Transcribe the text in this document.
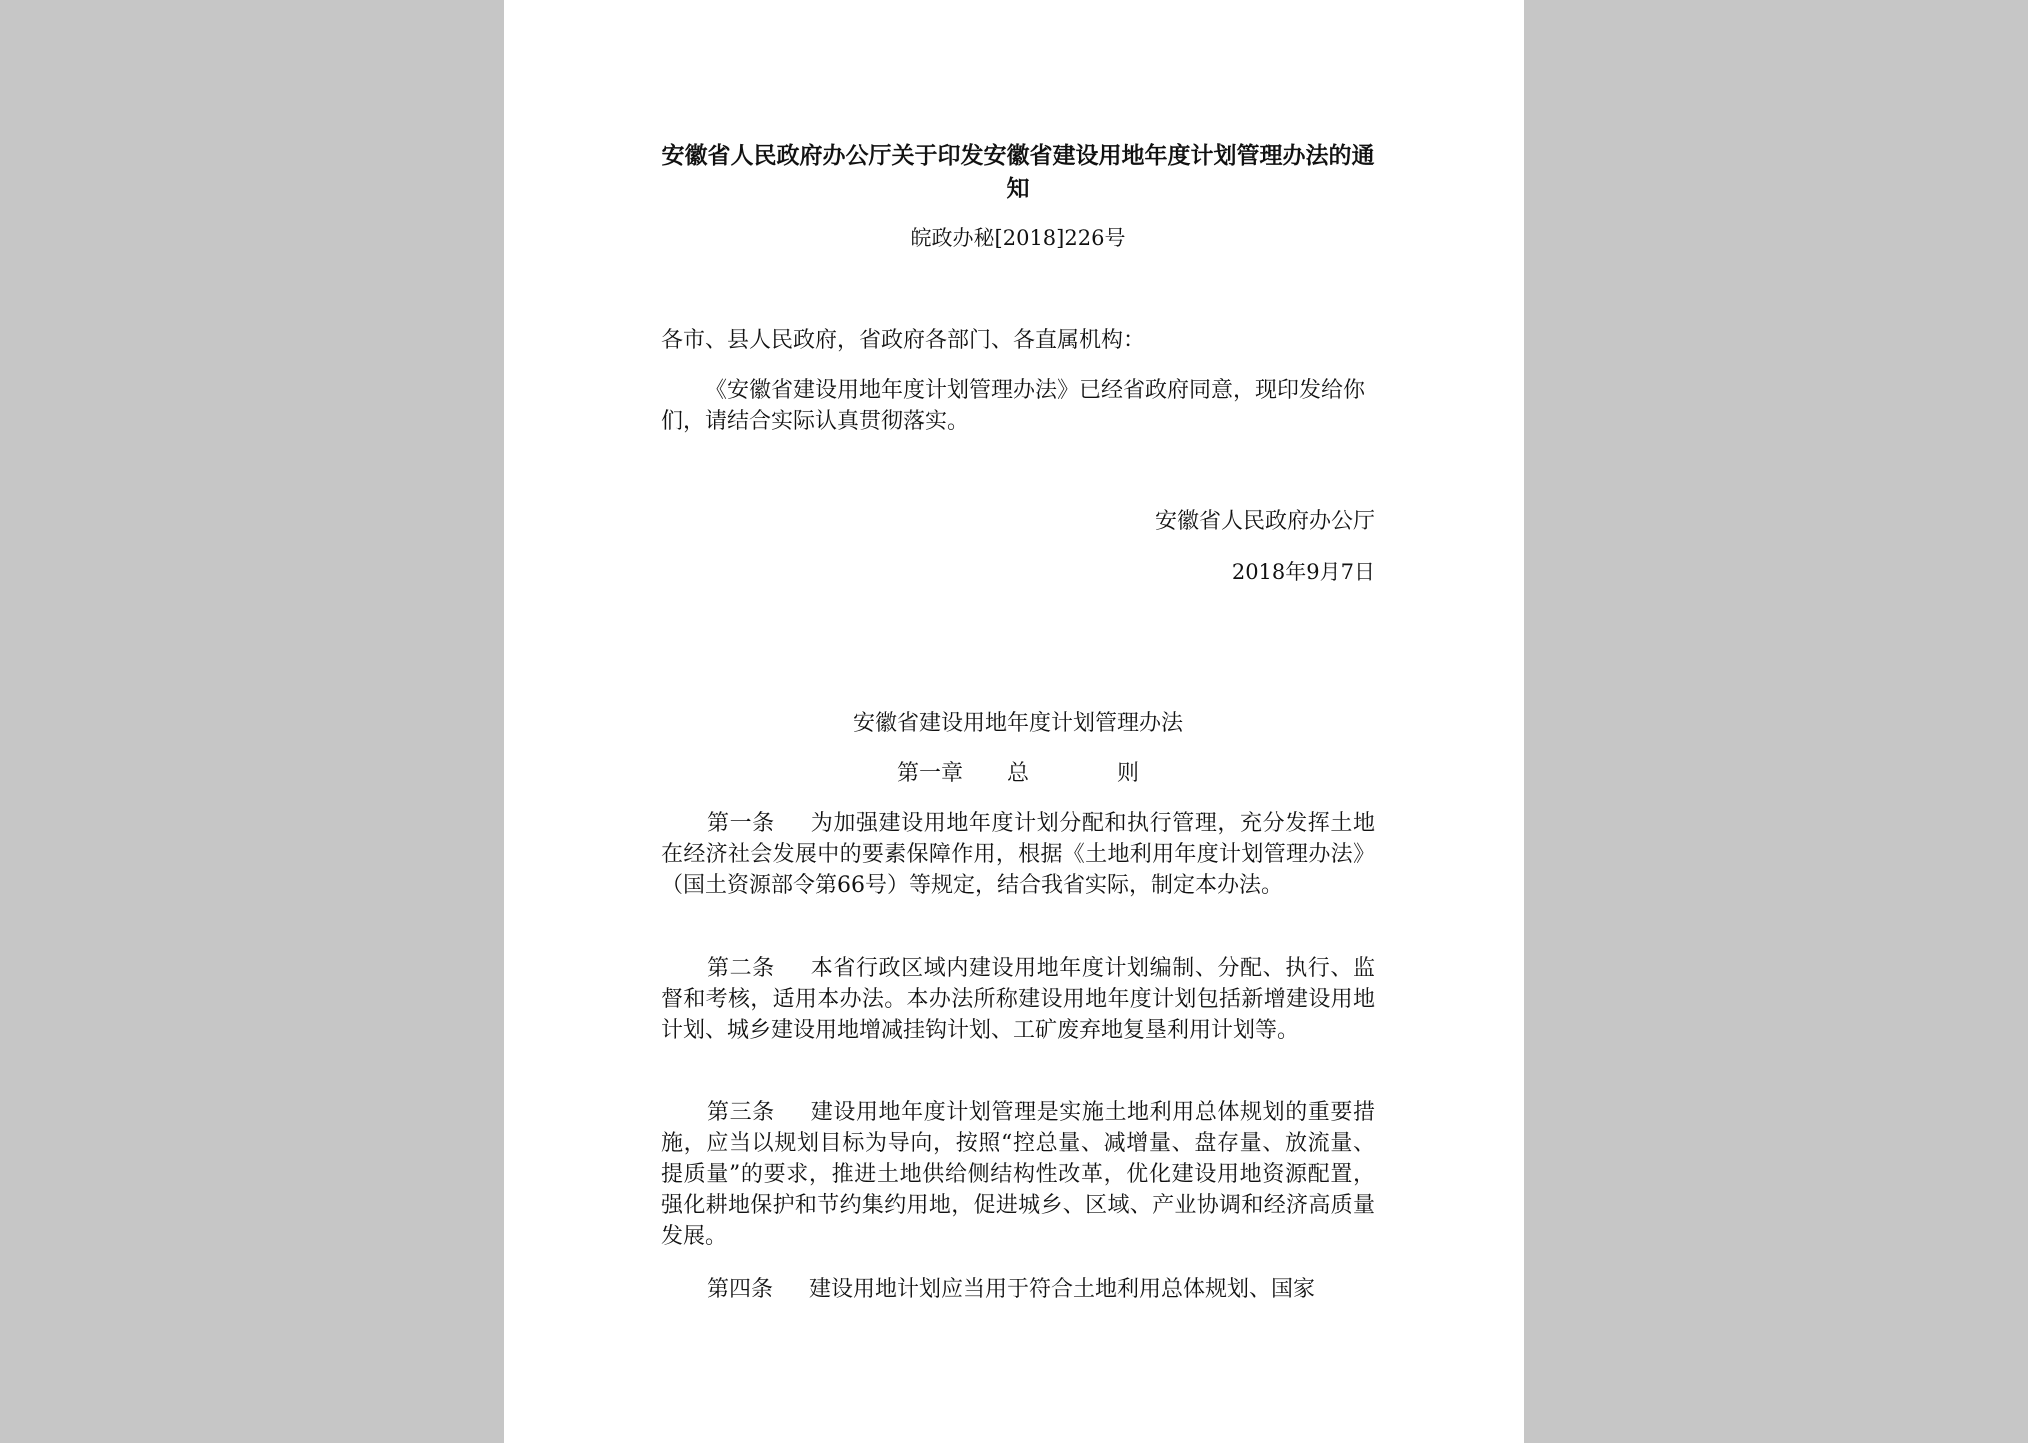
安徽省人民政府办公厅关于印发安徽省建设用地年度计划管理办法的通知
皖政办秘[2018]226号
各市、县人民政府，省政府各部门、各直属机构：
《安徽省建设用地年度计划管理办法》已经省政府同意，现印发给你们，请结合实际认真贯彻落实。
安徽省人民政府办公厅
2018年9月7日
安徽省建设用地年度计划管理办法
第一章　　总　　　　则
第一条 为加强建设用地年度计划分配和执行管理，充分发挥土地在经济社会发展中的要素保障作用，根据《土地利用年度计划管理办法》（国土资源部令第66号）等规定，结合我省实际，制定本办法。
第二条 本省行政区域内建设用地年度计划编制、分配、执行、监督和考核，适用本办法。本办法所称建设用地年度计划包括新增建设用地计划、城乡建设用地增减挂钩计划、工矿废弃地复垦利用计划等。
第三条 建设用地年度计划管理是实施土地利用总体规划的重要措施，应当以规划目标为导向，按照“控总量、减增量、盘存量、放流量、提质量”的要求，推进土地供给侧结构性改革，优化建设用地资源配置，强化耕地保护和节约集约用地，促进城乡、区域、产业协调和经济高质量发展。
第四条 建设用地计划应当用于符合土地利用总体规划、国家
